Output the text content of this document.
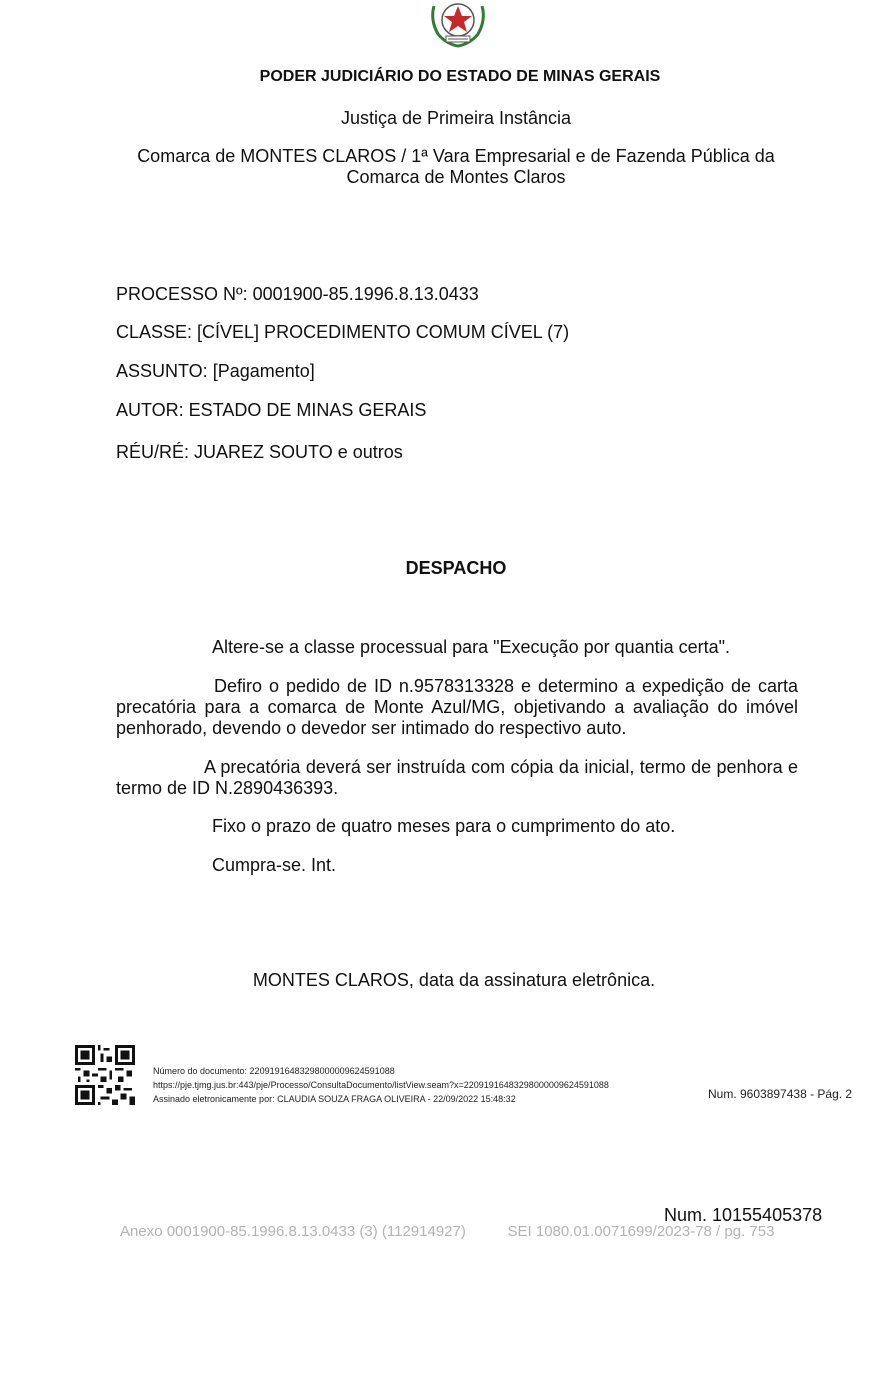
PODER JUDICIÁRIO DO ESTADO DE MINAS GERAIS
Justiça de Primeira Instância
Comarca de MONTES CLAROS / 1ª Vara Empresarial e de Fazenda Pública da
Comarca de Montes Claros
PROCESSO Nº: 0001900-85.1996.8.13.0433
CLASSE: [CÍVEL] PROCEDIMENTO COMUM CÍVEL (7)
ASSUNTO: [Pagamento]
AUTOR: ESTADO DE MINAS GERAIS
RÉU/RÉ: JUAREZ SOUTO e outros
DESPACHO
Altere-se a classe processual para "Execução por quantia certa".
Defiro o pedido de ID n.9578313328 e determino a expedição de carta precatória para a comarca de Monte Azul/MG, objetivando a avaliação do imóvel penhorado, devendo o devedor ser intimado do respectivo auto.
A precatória deverá ser instruída com cópia da inicial, termo de penhora e termo de ID N.2890436393.
Fixo o prazo de quatro meses para o cumprimento do ato.
Cumpra-se. Int.
MONTES CLAROS, data da assinatura eletrônica.
Número do documento: 22091916483298000009624591088
https://pje.tjmg.jus.br:443/pje/Processo/ConsultaDocumento/listView.seam?x=22091916483298000009624591088
Assinado eletronicamente por: CLAUDIA SOUZA FRAGA OLIVEIRA - 22/09/2022 15:48:32	Num. 9603897438 - Pág. 2
Num. 10155405378
Anexo 0001900-85.1996.8.13.0433 (3) (112914927)	SEI 1080.01.0071699/2023-78 / pg. 753
